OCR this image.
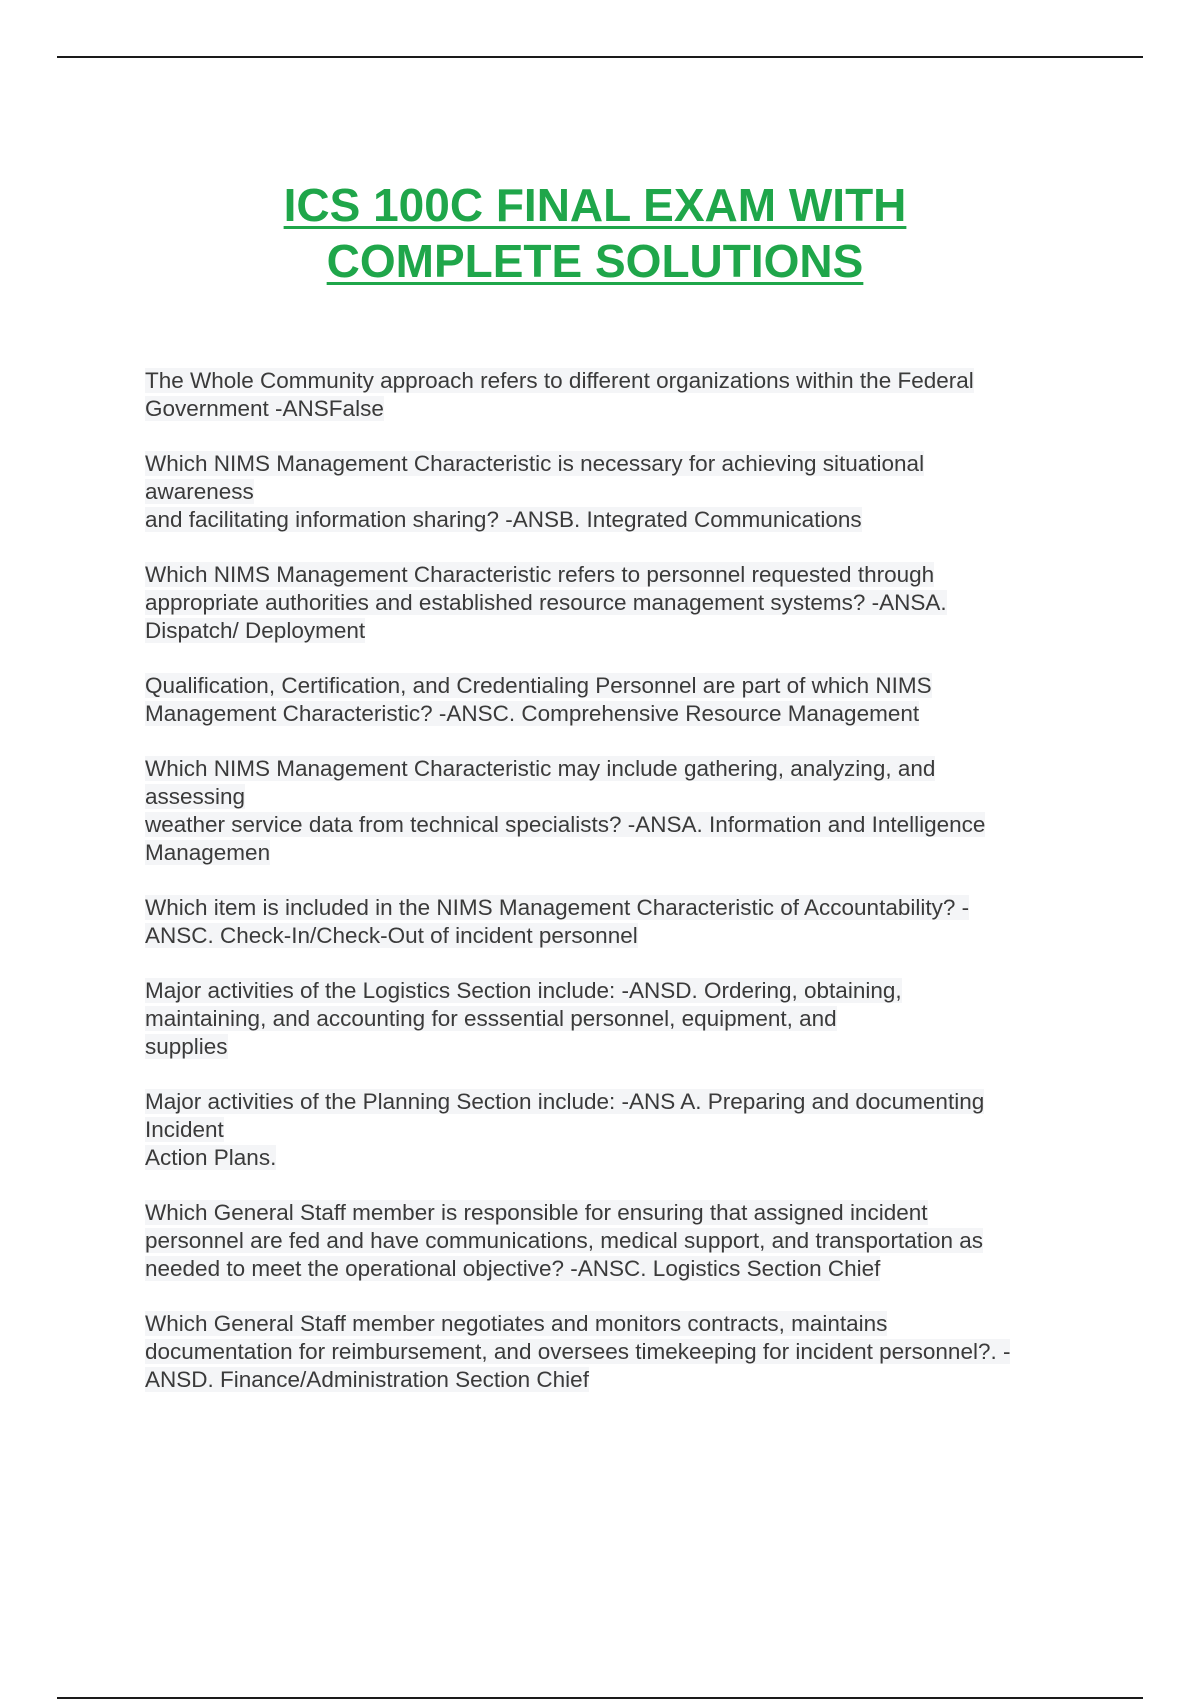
ICS 100C FINAL EXAM WITH
COMPLETE SOLUTIONS

The Whole Community approach refers to different organizations within the Federal
Government -ANSFalse

Which NIMS Management Characteristic is necessary for achieving situational
awareness
and facilitating information sharing? -ANSB. Integrated Communications

Which NIMS Management Characteristic refers to personnel requested through
appropriate authorities and established resource management systems? -ANSA.
Dispatch/ Deployment

Qualification, Certification, and Credentialing Personnel are part of which NIMS
Management Characteristic? -ANSC. Comprehensive Resource Management

Which NIMS Management Characteristic may include gathering, analyzing, and
assessing
weather service data from technical specialists? -ANSA. Information and Intelligence
Managemen

Which item is included in the NIMS Management Characteristic of Accountability? -
ANSC. Check-In/Check-Out of incident personnel

Major activities of the Logistics Section include: -ANSD. Ordering, obtaining,
maintaining, and accounting for esssential personnel, equipment, and
supplies

Major activities of the Planning Section include: -ANS A. Preparing and documenting
Incident
Action Plans.

Which General Staff member is responsible for ensuring that assigned incident
personnel are fed and have communications, medical support, and transportation as
needed to meet the operational objective? -ANSC. Logistics Section Chief

Which General Staff member negotiates and monitors contracts, maintains
documentation for reimbursement, and oversees timekeeping for incident personnel?. -
ANSD. Finance/Administration Section Chief
